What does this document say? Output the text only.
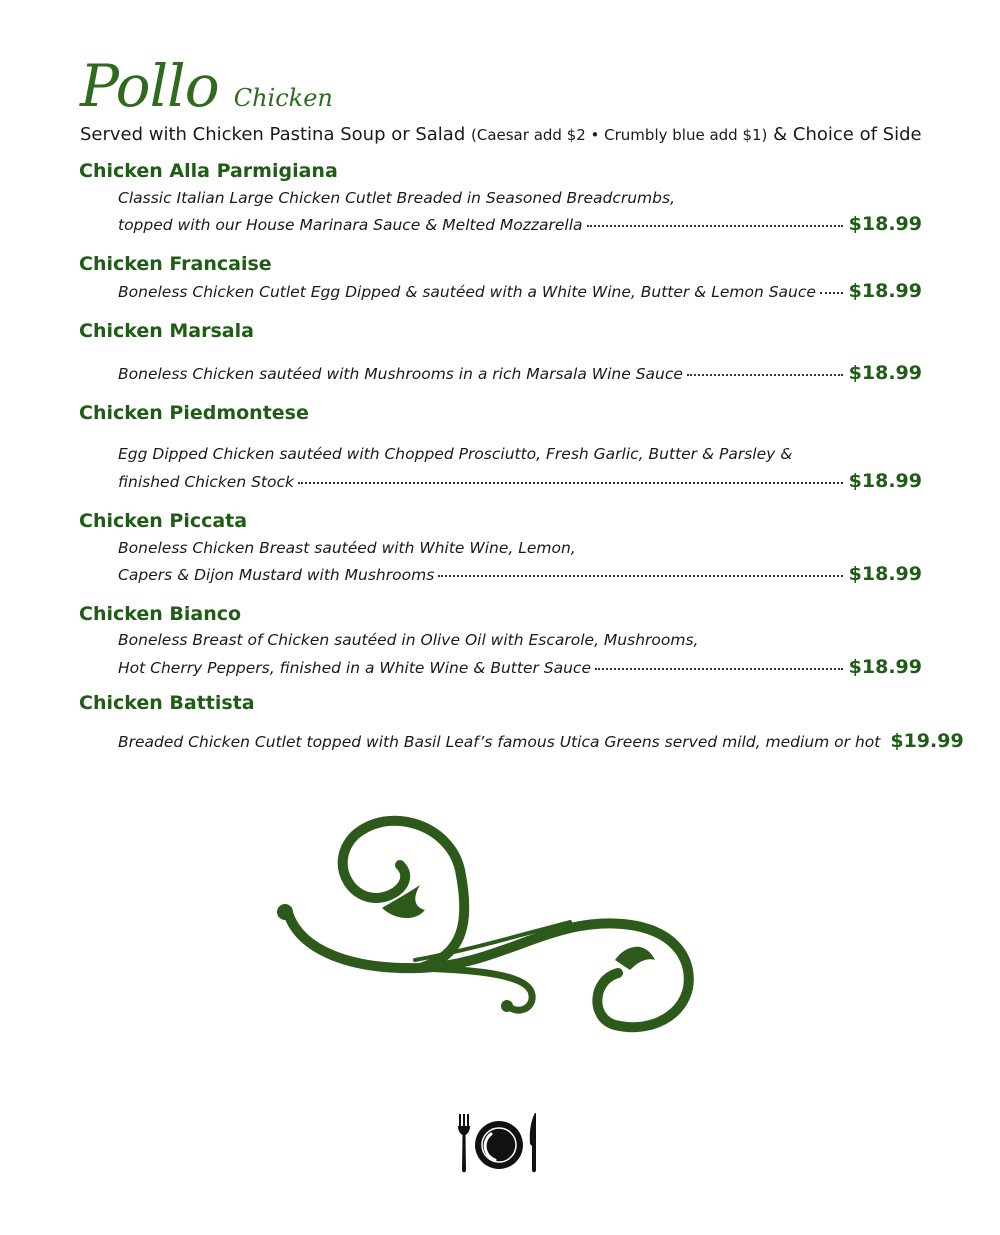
Pollo Chicken
Served with Chicken Pastina Soup or Salad (Caesar add $2 • Crumbly blue add $1) & Choice of Side
Chicken Alla Parmigiana
Classic Italian Large Chicken Cutlet Breaded in Seasoned Breadcrumbs,
topped with our House Marinara Sauce & Melted Mozzarella	$18.99
Chicken Francaise
Boneless Chicken Cutlet Egg Dipped & sautéed with a White Wine, Butter & Lemon Sauce $18.99
Chicken Marsala
Boneless Chicken sautéed with Mushrooms in a rich Marsala Wine Sauce	$18.99
Chicken Piedmontese
Egg Dipped Chicken sautéed with Chopped Prosciutto, Fresh Garlic, Butter & Parsley &
finished Chicken Stock	$18.99
Chicken Piccata
Boneless Chicken Breast sautéed with White Wine, Lemon,
Capers & Dijon Mustard with Mushrooms	$18.99
Chicken Bianco
Boneless Breast of Chicken sautéed in Olive Oil with Escarole, Mushrooms,
Hot Cherry Peppers, finished in a White Wine & Butter Sauce	$18.99
Chicken Battista
Breaded Chicken Cutlet topped with Basil Leaf’s famous Utica Greens served mild, medium or hot $19.99
